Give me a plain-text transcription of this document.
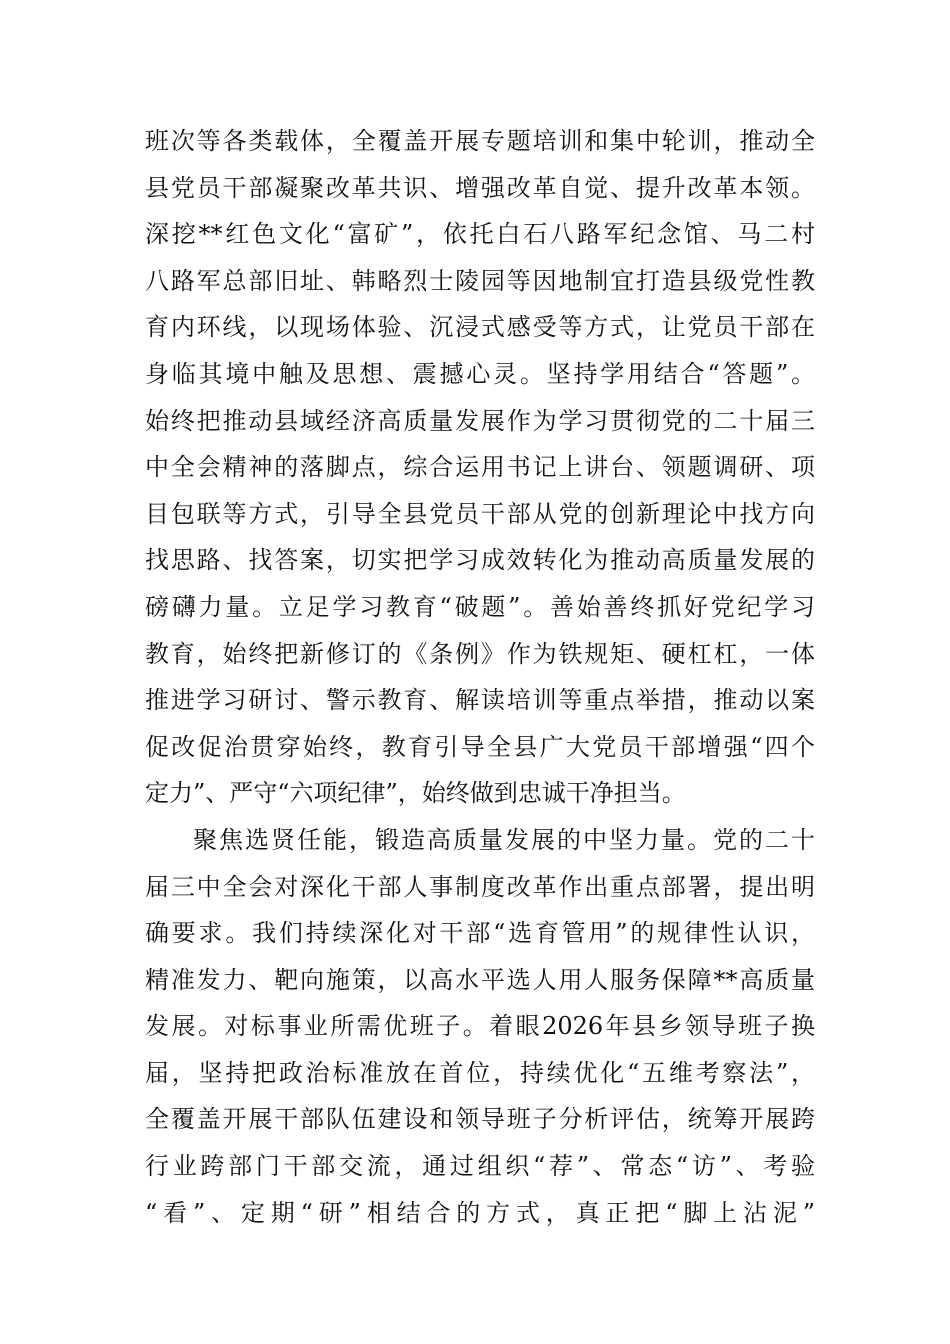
班次等各类载体，全覆盖开展专题培训和集中轮训，推动全
县党员干部凝聚改革共识、增强改革自觉、提升改革本领。
深挖**红色文化“富矿”，依托白石八路军纪念馆、马二村
八路军总部旧址、韩略烈士陵园等因地制宜打造县级党性教
育内环线，以现场体验、沉浸式感受等方式，让党员干部在
身临其境中触及思想、震撼心灵。坚持学用结合“答题”。
始终把推动县域经济高质量发展作为学习贯彻党的二十届三
中全会精神的落脚点，综合运用书记上讲台、领题调研、项
目包联等方式，引导全县党员干部从党的创新理论中找方向
找思路、找答案，切实把学习成效转化为推动高质量发展的
磅礴力量。立足学习教育“破题”。善始善终抓好党纪学习
教育，始终把新修订的《条例》作为铁规矩、硬杠杠，一体
推进学习研讨、警示教育、解读培训等重点举措，推动以案
促改促治贯穿始终，教育引导全县广大党员干部增强“四个
定力”、严守“六项纪律”，始终做到忠诚干净担当。
聚焦选贤任能，锻造高质量发展的中坚力量。党的二十
届三中全会对深化干部人事制度改革作出重点部署，提出明
确要求。我们持续深化对干部“选育管用”的规律性认识，
精准发力、靶向施策，以高水平选人用人服务保障**高质量
发展。对标事业所需优班子。着眼2026年县乡领导班子换
届，坚持把政治标准放在首位，持续优化“五维考察法”，
全覆盖开展干部队伍建设和领导班子分析评估，统筹开展跨
行业跨部门干部交流，通过组织“荐”、常态“访”、考验
“看”、定期“研”相结合的方式，真正把“脚上沾泥”
